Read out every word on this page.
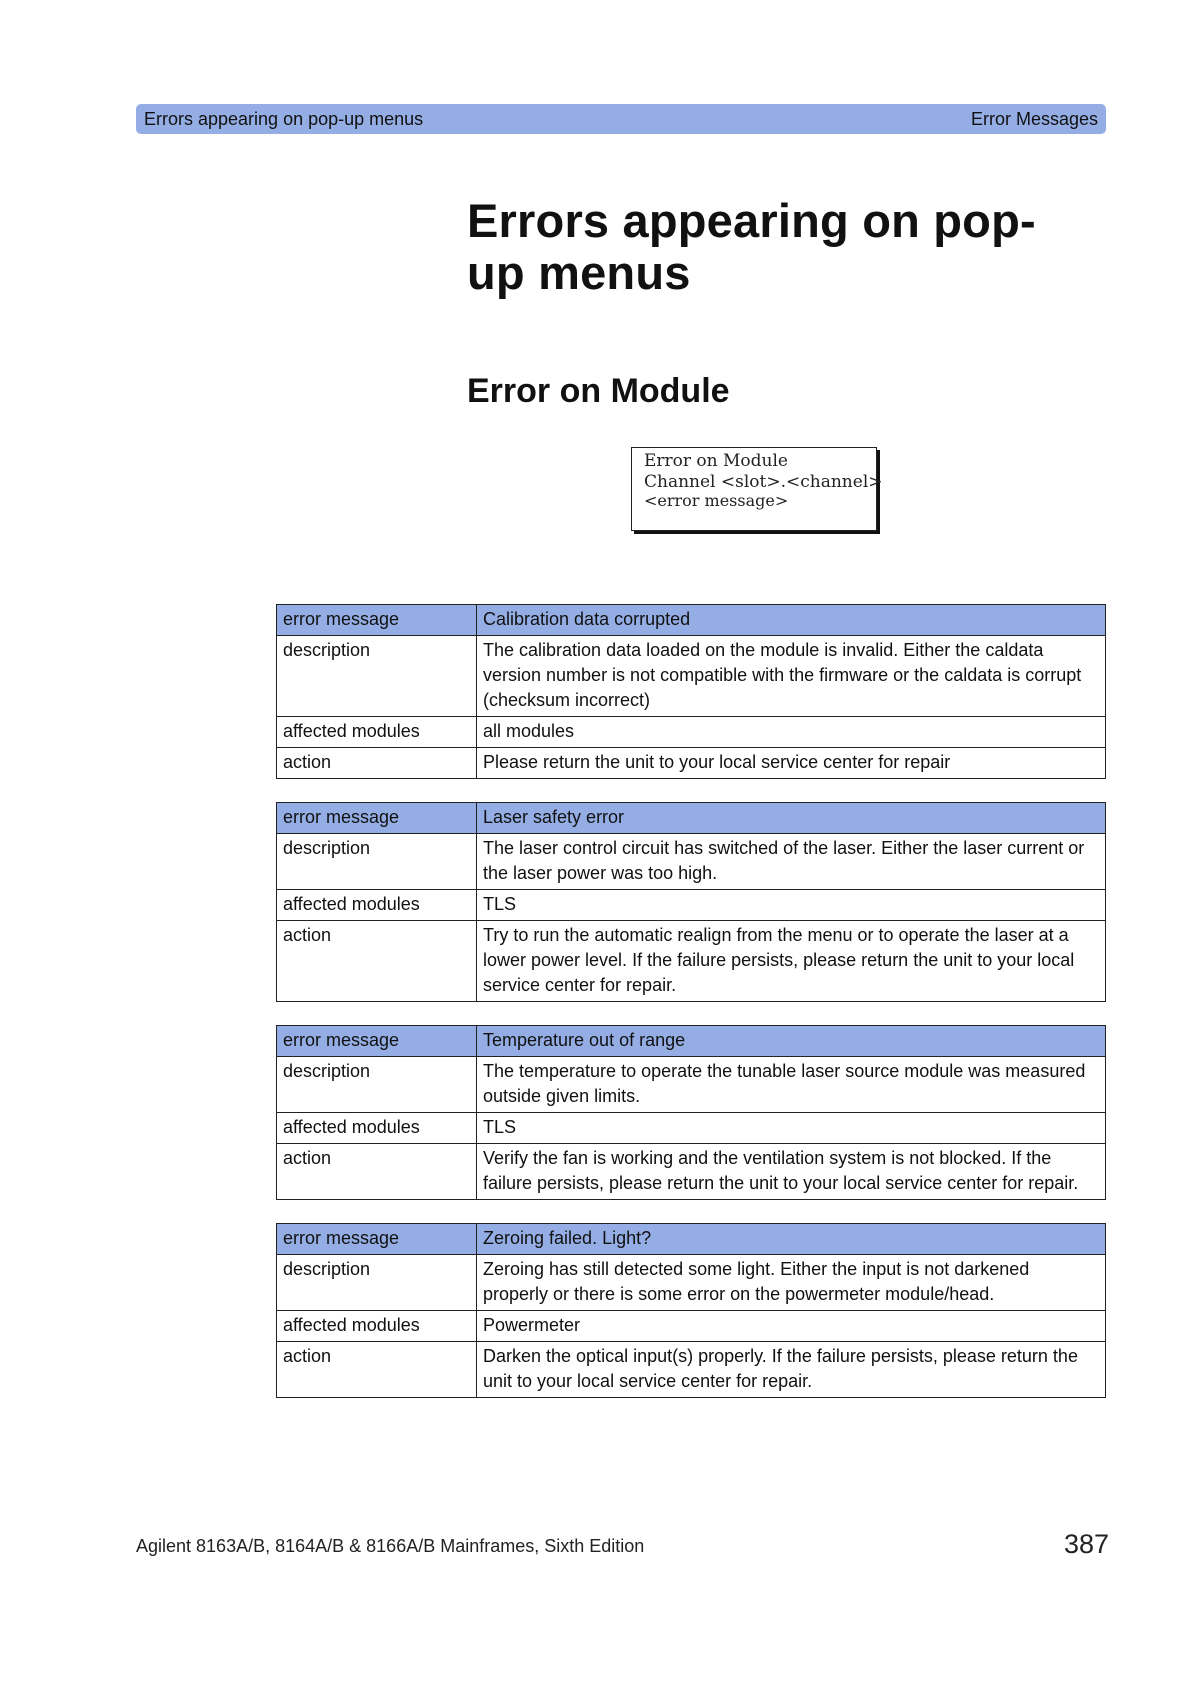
Errors appearing on pop-up menus	Error Messages
Errors appearing on pop-up menus
Error on Module
Error on Module
Channel <slot>.<channel>
<error message>
error message	Calibration data corrupted
description	The calibration data loaded on the module is invalid. Either the caldata version number is not compatible with the firmware or the caldata is corrupt (checksum incorrect)
affected modules	all modules
action	Please return the unit to your local service center for repair
error message	Laser safety error
description	The laser control circuit has switched of the laser. Either the laser current or the laser power was too high.
affected modules	TLS
action	Try to run the automatic realign from the menu or to operate the laser at a lower power level. If the failure persists, please return the unit to your local service center for repair.
error message	Temperature out of range
description	The temperature to operate the tunable laser source module was measured outside given limits.
affected modules	TLS
action	Verify the fan is working and the ventilation system is not blocked. If the failure persists, please return the unit to your local service center for repair.
error message	Zeroing failed. Light?
description	Zeroing has still detected some light. Either the input is not darkened properly or there is some error on the powermeter module/head.
affected modules	Powermeter
action	Darken the optical input(s) properly. If the failure persists, please return the unit to your local service center for repair.
Agilent 8163A/B, 8164A/B & 8166A/B Mainframes, Sixth Edition	387
